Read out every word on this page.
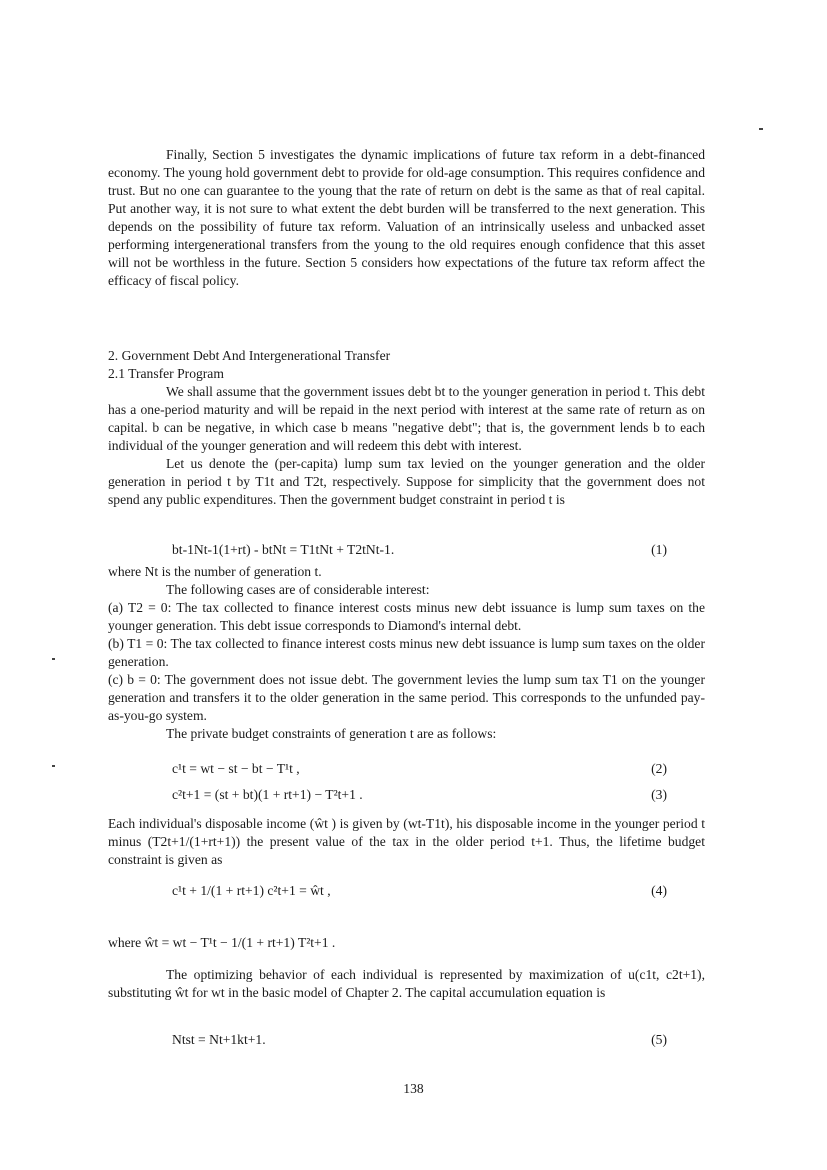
Finally, Section 5 investigates the dynamic implications of future tax reform in a debt-financed economy. The young hold government debt to provide for old-age consumption. This requires confidence and trust. But no one can guarantee to the young that the rate of return on debt is the same as that of real capital. Put another way, it is not sure to what extent the debt burden will be transferred to the next generation. This depends on the possibility of future tax reform. Valuation of an intrinsically useless and unbacked asset performing intergenerational transfers from the young to the old requires enough confidence that this asset will not be worthless in the future. Section 5 considers how expectations of the future tax reform affect the efficacy of fiscal policy.

2. Government Debt And Intergenerational Transfer

2.1 Transfer Program

We shall assume that the government issues debt bt to the younger generation in period t. This debt has a one-period maturity and will be repaid in the next period with interest at the same rate of return as on capital. b can be negative, in which case b means "negative debt"; that is, the government lends b to each individual of the younger generation and will redeem this debt with interest.

Let us denote the (per-capita) lump sum tax levied on the younger generation and the older generation in period t by T1t and T2t, respectively. Suppose for simplicity that the government does not spend any public expenditures. Then the government budget constraint in period t is

bt-1Nt-1(1+rt) - btNt = T1tNt + T2tNt-1.	(1)

where Nt is the number of generation t.

The following cases are of considerable interest:

(a) T2 = 0: The tax collected to finance interest costs minus new debt issuance is lump sum taxes on the younger generation. This debt issue corresponds to Diamond's internal debt.

(b) T1 = 0: The tax collected to finance interest costs minus new debt issuance is lump sum taxes on the older generation.

(c) b = 0: The government does not issue debt. The government levies the lump sum tax T1 on the younger generation and transfers it to the older generation in the same period. This corresponds to the unfunded pay-as-you-go system.

The private budget constraints of generation t are as follows:

c¹t = wt − st − bt − T¹t ,	(2)
c²t+1 = (st + bt)(1 + rt+1) − T²t+1 .	(3)

Each individual's disposable income (ŵt ) is given by (wt-T1t), his disposable income in the younger period t minus (T2t+1/(1+rt+1)) the present value of the tax in the older period t+1. Thus, the lifetime budget constraint is given as

c¹t + 1/(1 + rt+1) c²t+1 = ŵt ,	(4)
where ŵt = wt − T¹t − 1/(1 + rt+1) T²t+1 .

The optimizing behavior of each individual is represented by maximization of u(c1t, c2t+1), substituting ŵt for wt in the basic model of Chapter 2. The capital accumulation equation is

Ntst = Nt+1kt+1.	(5)
138
